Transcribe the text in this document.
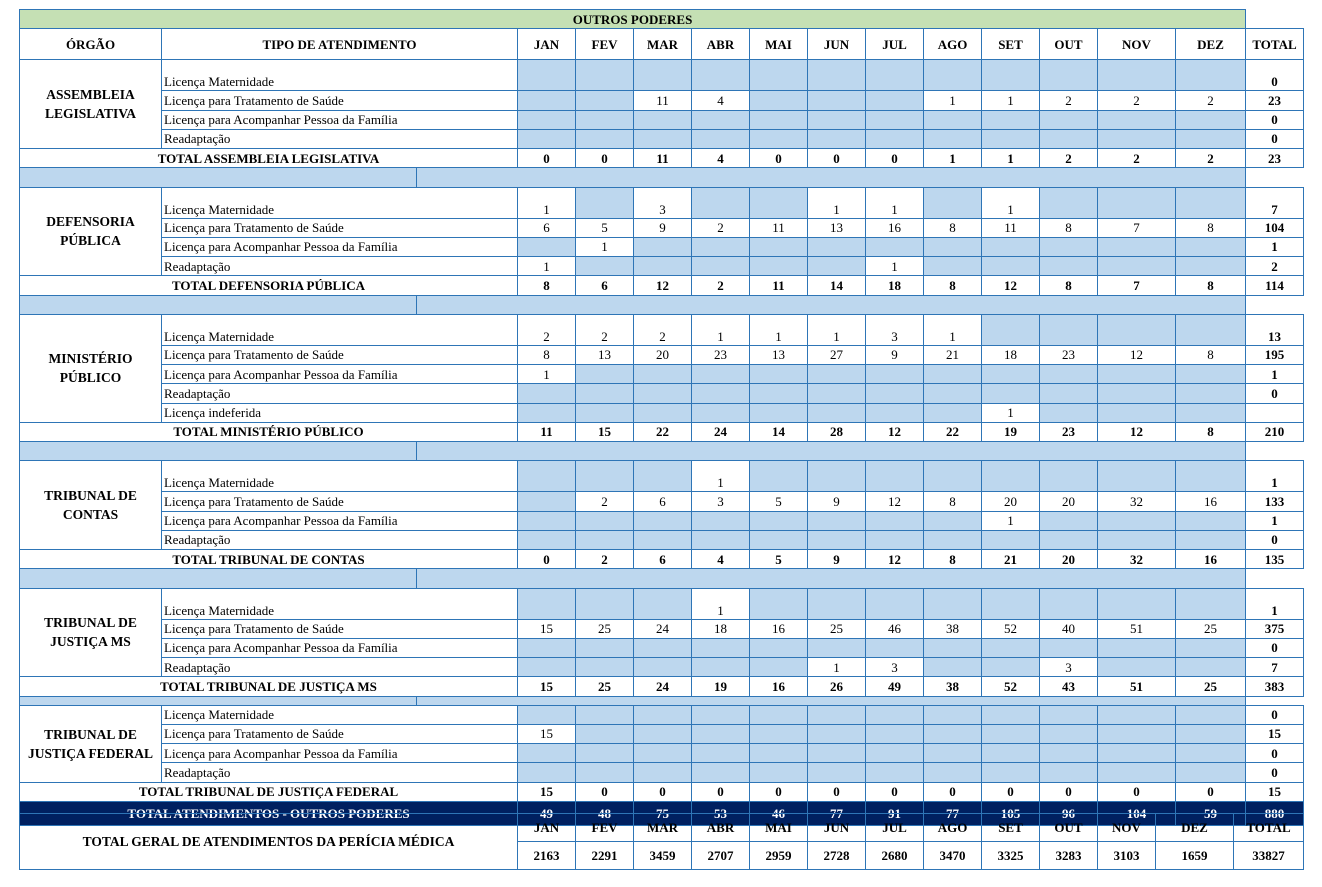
OUTROS PODERES															
ÓRGÃO	TIPO DE ATENDIMENTO		JAN	FEV	MAR	ABR	MAI	JUN	JUL	AGO	SET	OUT	NOV	DEZ	TOTAL
ASSEMBLEIA LEGISLATIVA	Licença Maternidade														0
	Licença para Tratamento de Saúde				11	4				1	1	2	2	2	23
	Licença para Acompanhar Pessoa da Família														0
	Readaptação														0
TOTAL ASSEMBLEIA LEGISLATIVA			0	0	11	4	0	0	0	1	1	2	2	2	23

DEFENSORIA PÚBLICA	Licença Maternidade		1		3			1	1		1				7
	Licença para Tratamento de Saúde		6	5	9	2	11	13	16	8	11	8	7	8	104
	Licença para Acompanhar Pessoa da Família			1											1
	Readaptação		1						1						2
TOTAL DEFENSORIA PÚBLICA			8	6	12	2	11	14	18	8	12	8	7	8	114

MINISTÉRIO PÚBLICO	Licença Maternidade		2	2	2	1	1	1	3	1					13
	Licença para Tratamento de Saúde		8	13	20	23	13	27	9	21	18	23	12	8	195
	Licença para Acompanhar Pessoa da Família		1												1
	Readaptação														0
	Licença indeferida										1				
TOTAL MINISTÉRIO PÚBLICO			11	15	22	24	14	28	12	22	19	23	12	8	210

TRIBUNAL DE CONTAS	Licença Maternidade					1									1
	Licença para Tratamento de Saúde			2	6	3	5	9	12	8	20	20	32	16	133
	Licença para Acompanhar Pessoa da Família										1				1
	Readaptação														0
TOTAL TRIBUNAL DE CONTAS			0	2	6	4	5	9	12	8	21	20	32	16	135

TRIBUNAL DE JUSTIÇA MS	Licença Maternidade					1									1
	Licença para Tratamento de Saúde		15	25	24	18	16	25	46	38	52	40	51	25	375
	Licença para Acompanhar Pessoa da Família														0
	Readaptação							1	3			3			7
TOTAL TRIBUNAL DE JUSTIÇA MS			15	25	24	19	16	26	49	38	52	43	51	25	383

TRIBUNAL DE JUSTIÇA FEDERAL	Licença Maternidade														0
	Licença para Tratamento de Saúde		15												15
	Licença para Acompanhar Pessoa da Família														0
	Readaptação														0
TOTAL TRIBUNAL DE JUSTIÇA FEDERAL			15	0	0	0	0	0	0	0	0	0	0	0	15
TOTAL ATENDIMENTOS - OUTROS PODERES			49	48	75	53	46	77	91	77	105	96	104	59	880
TOTAL GERAL DE ATENDIMENTOS DA PERÍCIA MÉDICA	JAN	FEV	MAR	ABR	MAI	JUN	JUL	AGO	SET	OUT	NOV	DEZ	TOTAL
	2163	2291	3459	2707	2959	2728	2680	3470	3325	3283	3103	1659	33827
